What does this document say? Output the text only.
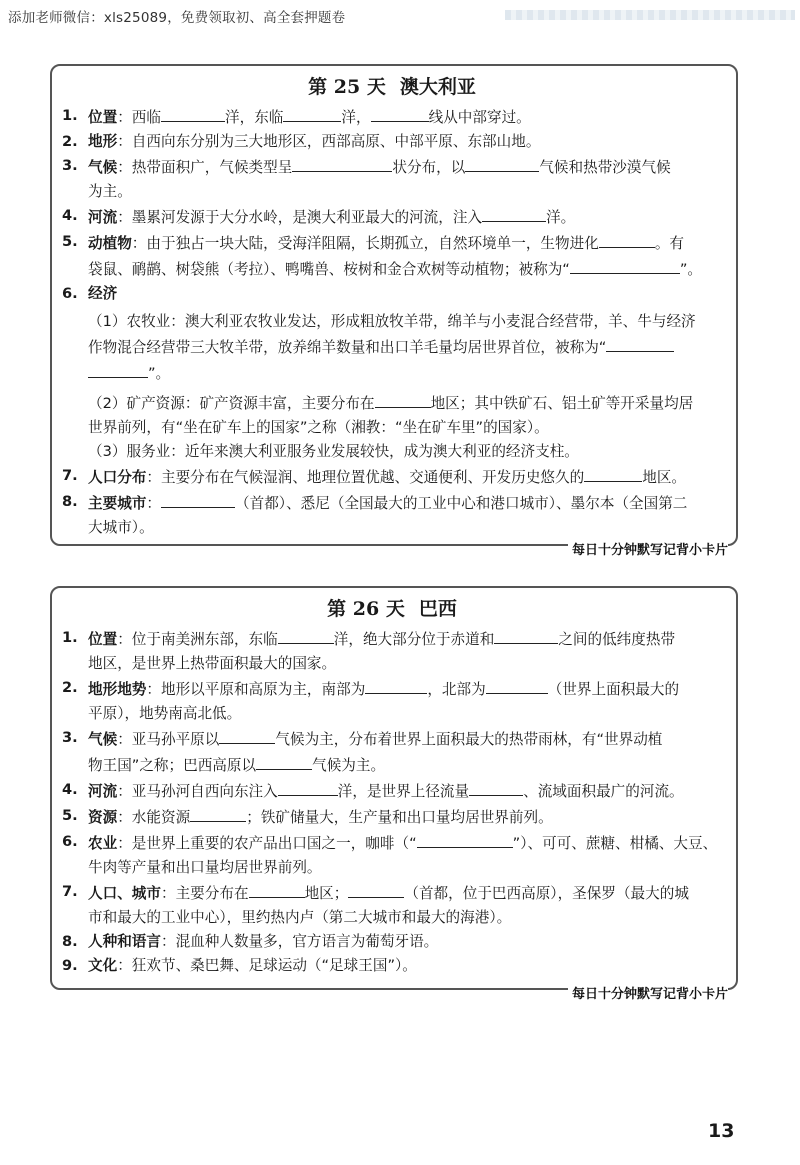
添加老师微信：xls25089，免费领取初、高全套押题卷
第 25 天 澳大利亚
1. 位置：西临	洋，东临	洋，	线从中部穿过。
2. 地形：自西向东分别为三大地形区，西部高原、中部平原、东部山地。
3. 气候：热带面积广，气候类型呈	状分布，以	气候和热带沙漠气候
为主。
4. 河流：墨累河发源于大分水岭，是澳大利亚最大的河流，注入	洋。
5. 动植物：由于独占一块大陆，受海洋阻隔，长期孤立，自然环境单一，生物进化	。有
袋鼠、鸸鹋、树袋熊（考拉）、鸭嘴兽、桉树和金合欢树等动植物；被称为“	”。
6. 经济
（1）农牧业：澳大利亚农牧业发达，形成粗放牧羊带，绵羊与小麦混合经营带，羊、牛与经济
作物混合经营带三大牧羊带，放养绵羊数量和出口羊毛量均居世界首位，被称为“
”。
（2）矿产资源：矿产资源丰富，主要分布在	地区；其中铁矿石、铝土矿等开采量均居
世界前列，有“坐在矿车上的国家”之称（湘教：“坐在矿车里”的国家）。
（3）服务业：近年来澳大利亚服务业发展较快，成为澳大利亚的经济支柱。
7. 人口分布：主要分布在气候湿润、地理位置优越、交通便利、开发历史悠久的	地区。
8. 主要城市：	（首都）、悉尼（全国最大的工业中心和港口城市）、墨尔本（全国第二
大城市）。
每日十分钟默写记背小卡片
第 26 天 巴西
1. 位置：位于南美洲东部，东临	洋，绝大部分位于赤道和	之间的低纬度热带
地区，是世界上热带面积最大的国家。
2. 地形地势：地形以平原和高原为主，南部为	，北部为	（世界上面积最大的
平原），地势南高北低。
3. 气候：亚马孙平原以	气候为主，分布着世界上面积最大的热带雨林，有“世界动植
物王国”之称；巴西高原以	气候为主。
4. 河流：亚马孙河自西向东注入	洋，是世界上径流量	、流域面积最广的河流。
5. 资源：水能资源	；铁矿储量大，生产量和出口量均居世界前列。
6. 农业：是世界上重要的农产品出口国之一，咖啡（“	”）、可可、蔗糖、柑橘、大豆、
牛肉等产量和出口量均居世界前列。
7. 人口、城市：主要分布在	地区；	（首都，位于巴西高原），圣保罗（最大的城
市和最大的工业中心），里约热内卢（第二大城市和最大的海港）。
8. 人种和语言：混血种人数量多，官方语言为葡萄牙语。
9. 文化：狂欢节、桑巴舞、足球运动（“足球王国”）。
每日十分钟默写记背小卡片
13
